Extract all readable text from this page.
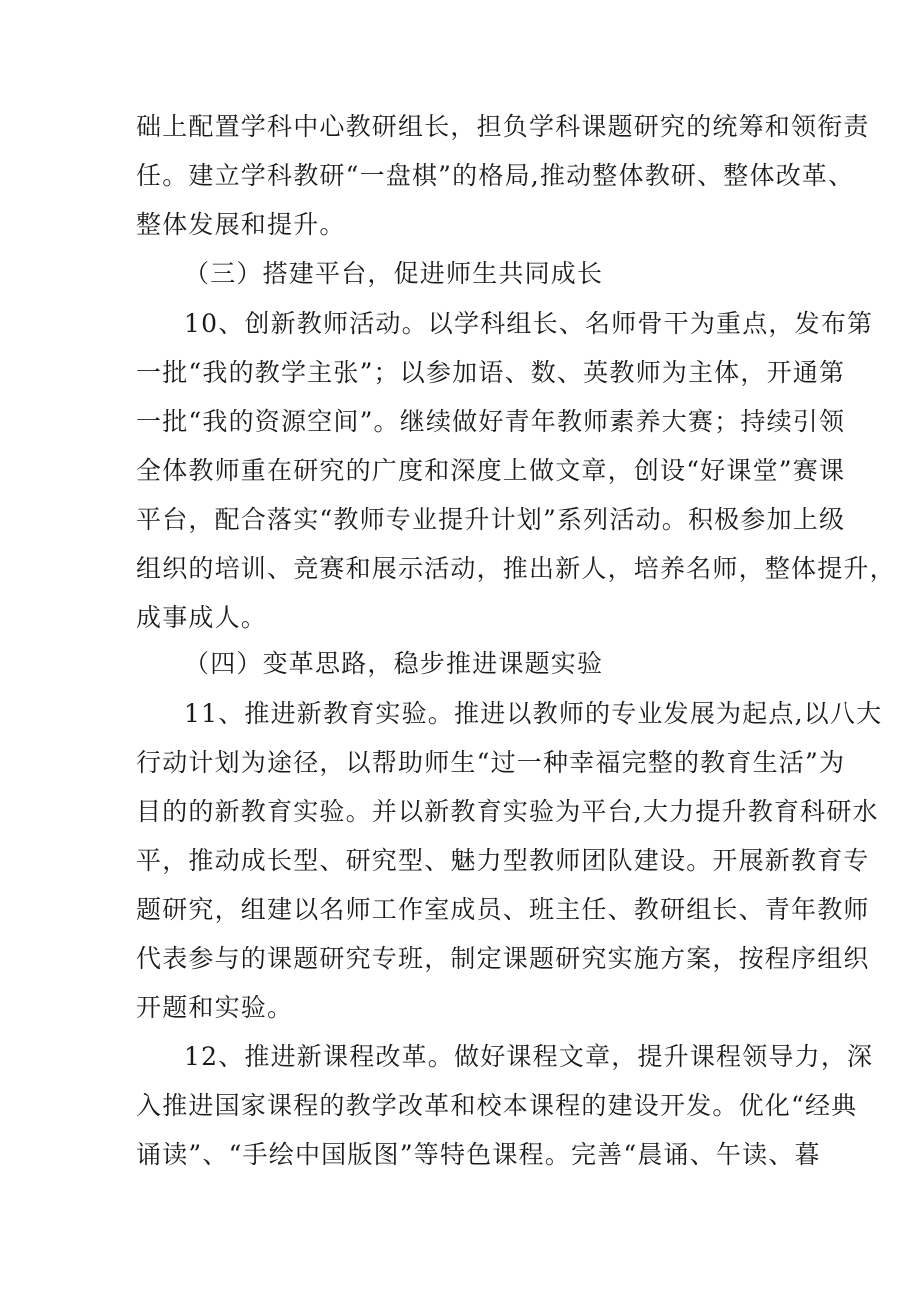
础上配置学科中心教研组长，担负学科课题研究的统筹和领衔责
任。建立学科教研“一盘棋”的格局,推动整体教研、整体改革、
整体发展和提升。
（三）搭建平台，促进师生共同成长
10、创新教师活动。以学科组长、名师骨干为重点，发布第
一批“我的教学主张”；以参加语、数、英教师为主体，开通第
一批“我的资源空间”。继续做好青年教师素养大赛；持续引领
全体教师重在研究的广度和深度上做文章，创设“好课堂”赛课
平台，配合落实“教师专业提升计划”系列活动。积极参加上级
组织的培训、竞赛和展示活动，推出新人，培养名师，整体提升，
成事成人。
（四）变革思路，稳步推进课题实验
11、推进新教育实验。推进以教师的专业发展为起点,以八大
行动计划为途径，以帮助师生“过一种幸福完整的教育生活”为
目的的新教育实验。并以新教育实验为平台,大力提升教育科研水
平，推动成长型、研究型、魅力型教师团队建设。开展新教育专
题研究，组建以名师工作室成员、班主任、教研组长、青年教师
代表参与的课题研究专班，制定课题研究实施方案，按程序组织
开题和实验。
12、推进新课程改革。做好课程文章，提升课程领导力，深
入推进国家课程的教学改革和校本课程的建设开发。优化“经典
诵读”、“手绘中国版图”等特色课程。完善“晨诵、午读、暮
